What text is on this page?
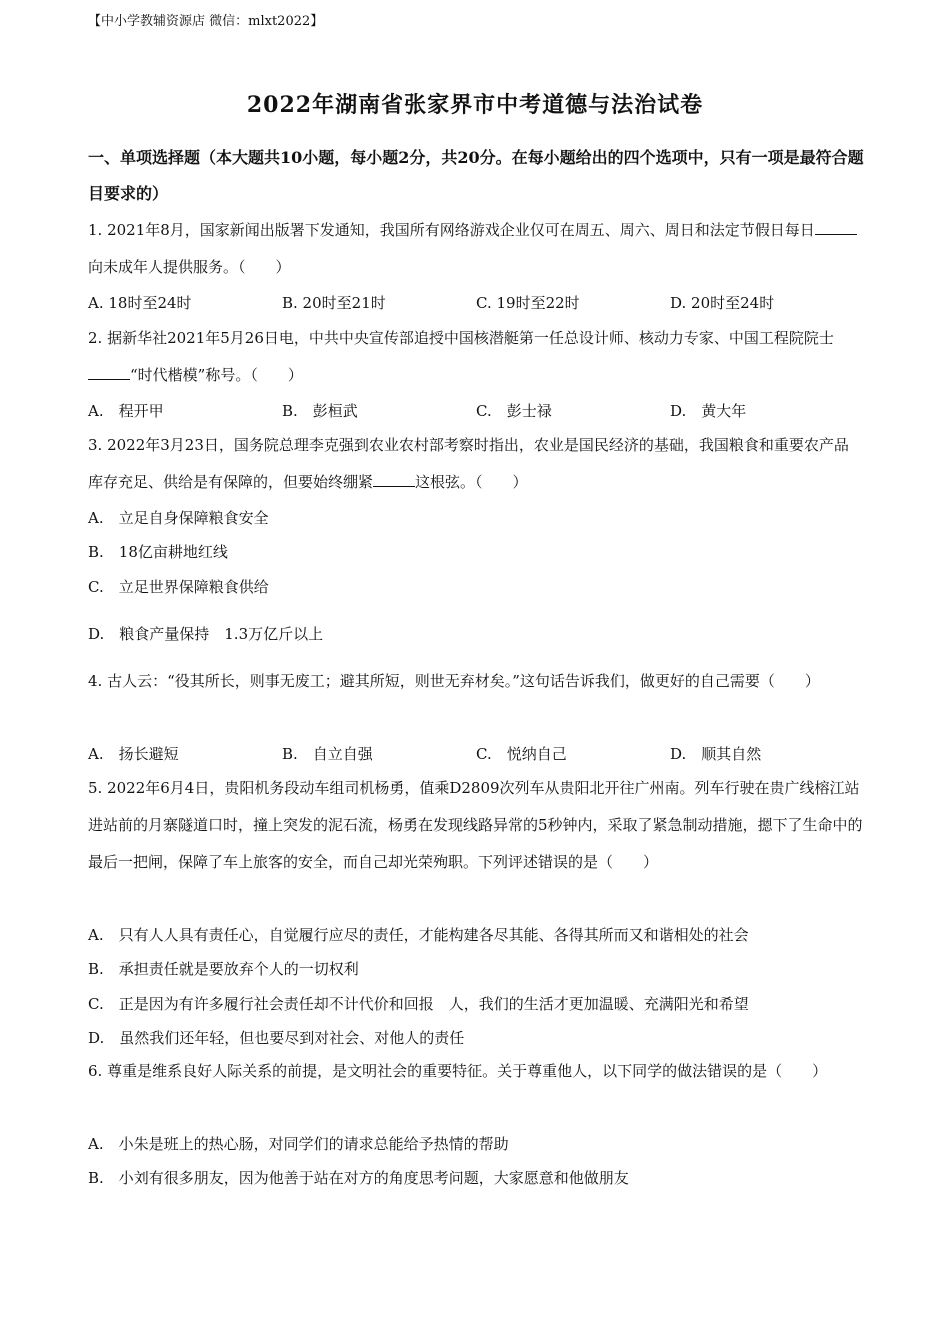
【中小学教辅资源店 微信：mlxt2022】
2022年湖南省张家界市中考道德与法治试卷
一、单项选择题（本大题共10小题，每小题2分，共20分。在每小题给出的四个选项中，只有一项是最符合题目要求的）
1. 2021年8月，国家新闻出版署下发通知，我国所有网络游戏企业仅可在周五、周六、周日和法定节假日每日向未成年人提供服务。（　　）
A. 18时至24时	B. 20时至21时	C. 19时至22时	D. 20时至24时
2. 据新华社2021年5月26日电，中共中央宣传部追授中国核潜艇第一任总设计师、核动力专家、中国工程院院士“时代楷模”称号。（　　）
A.　程开甲	B.　彭桓武	C.　彭士禄	D.　黄大年
3. 2022年3月23日，国务院总理李克强到农业农村部考察时指出，农业是国民经济的基础，我国粮食和重要农产品库存充足、供给是有保障的，但要始终绷紧	这根弦。（　　）
A.　立足自身保障粮食安全
B.　18亿亩耕地红线
C.　立足世界保障粮食供给
D.　粮食产量保持　1.3万亿斤以上
4. 古人云：“役其所长，则事无废工；避其所短，则世无弃材矣。”这句话告诉我们，做更好的自己需要（　　）
A.　扬长避短	B.　自立自强	C.　悦纳自己	D.　顺其自然
5. 2022年6月4日，贵阳机务段动车组司机杨勇，值乘D2809次列车从贵阳北开往广州南。列车行驶在贵广线榕江站进站前的月寨隧道口时，撞上突发的泥石流，杨勇在发现线路异常的5秒钟内，采取了紧急制动措施，摁下了生命中的最后一把闸，保障了车上旅客的安全，而自己却光荣殉职。下列评述错误的是（　　）
A.　只有人人具有责任心，自觉履行应尽的责任，才能构建各尽其能、各得其所而又和谐相处的社会
B.　承担责任就是要放弃个人的一切权利
C.　正是因为有许多履行社会责任却不计代价和回报　人，我们的生活才更加温暖、充满阳光和希望
D.　虽然我们还年轻，但也要尽到对社会、对他人的责任
6. 尊重是维系良好人际关系的前提，是文明社会的重要特征。关于尊重他人，以下同学的做法错误的是（　　）
A.　小朱是班上的热心肠，对同学们的请求总能给予热情的帮助
B.　小刘有很多朋友，因为他善于站在对方的角度思考问题，大家愿意和他做朋友
